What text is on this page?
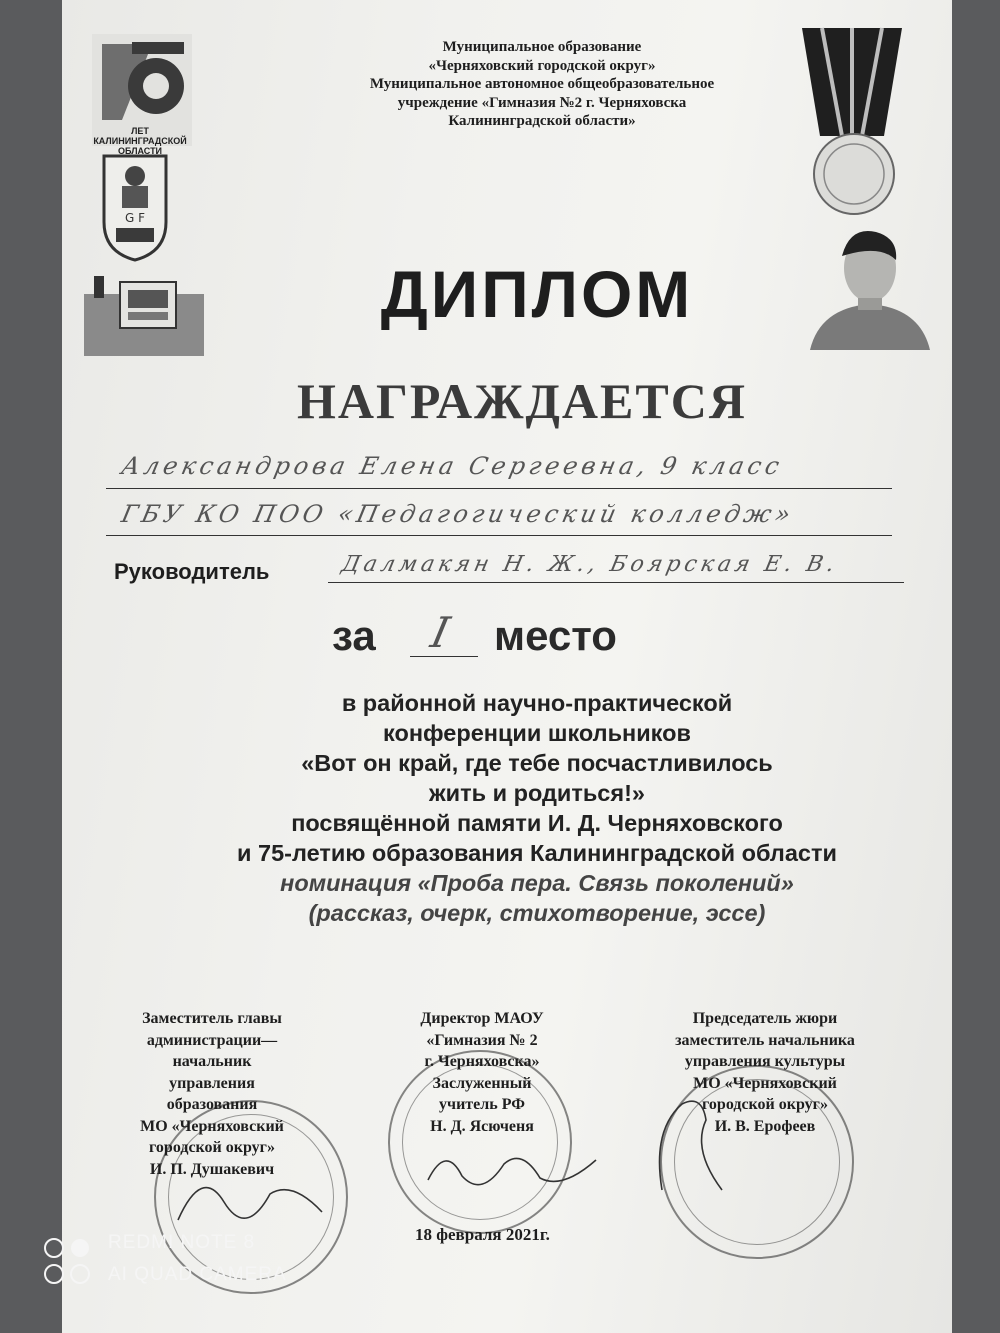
ЛЕТ КАЛИНИНГРАДСКОЙ ОБЛАСТИ
G F
Муниципальное образование
«Черняховский городской округ»
Муниципальное автономное общеобразовательное
учреждение «Гимназия №2 г. Черняховска
Калининградской области»
ДИПЛОМ
НАГРАЖДАЕТСЯ
Александрова Елена Сергеевна, 9 класс
ГБУ КО ПОО «Педагогический колледж»
Руководитель	Далмакян Н. Ж., Боярская Е. В.
за I место
в районной научно-практической
конференции школьников
«Вот он край, где тебе посчастливилось
жить и родиться!»
посвящённой памяти И. Д. Черняховского
и 75-летию образования Калининградской области
номинация «Проба пера. Связь поколений»
(рассказ, очерк, стихотворение, эссе)
Заместитель главы
администрации—
начальник
управления
образования
МО «Черняховский
городской округ»
И. П. Душакевич
Директор МАОУ
«Гимназия № 2
г. Черняховска»
Заслуженный
учитель РФ
Н. Д. Ясюченя
Председатель жюри
заместитель начальника
управления культуры
МО «Черняховский
городской округ»
И. В. Ерофеев
18 февраля 2021г.
REDMI NOTE 8
AI QUAD CAMERA
